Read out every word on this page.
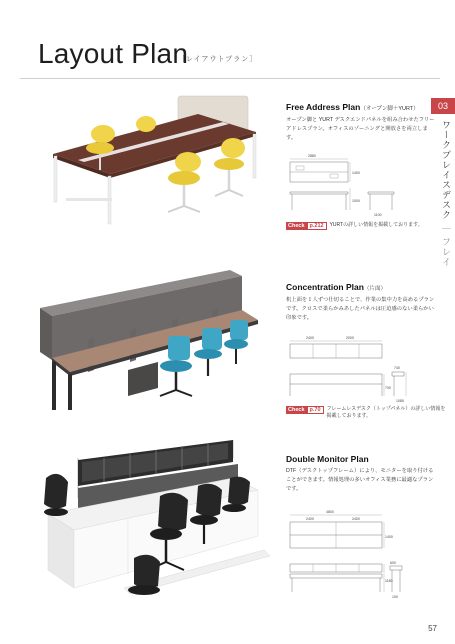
Layout Plan
［レイアウトプラン］
03
ワークプレイスデスク ｜ フレイ
Free Address Plan（オープン脚＋YURT）
オープン脚と YURT デスクエンドパネルを組み合わせたフリーアドレスプラン。オフィスのゾーニングと開放さを両立します。
2880
1400
1000
1100
Check p.212	YURTの詳しい情報を掲載しております。
Concentration Plan（片面）
机上面を１人ずつ仕切ることで、作業の集中力を高めるプランです。クロスで柔らかみあしたパネルは圧迫感のない柔らかい印象です。
2400	2000
700
740
1085
Check p.70	フレームレスデスク（トップパネル）の詳しい情報を掲載しております。
Double Monitor Plan
DTF（デスクトップフレーム）により、モニターを取り付けることができます。情報処理の多いオフィス業務に最適なプランです。
4800
2400	2400
1400
1180
600
100
57
